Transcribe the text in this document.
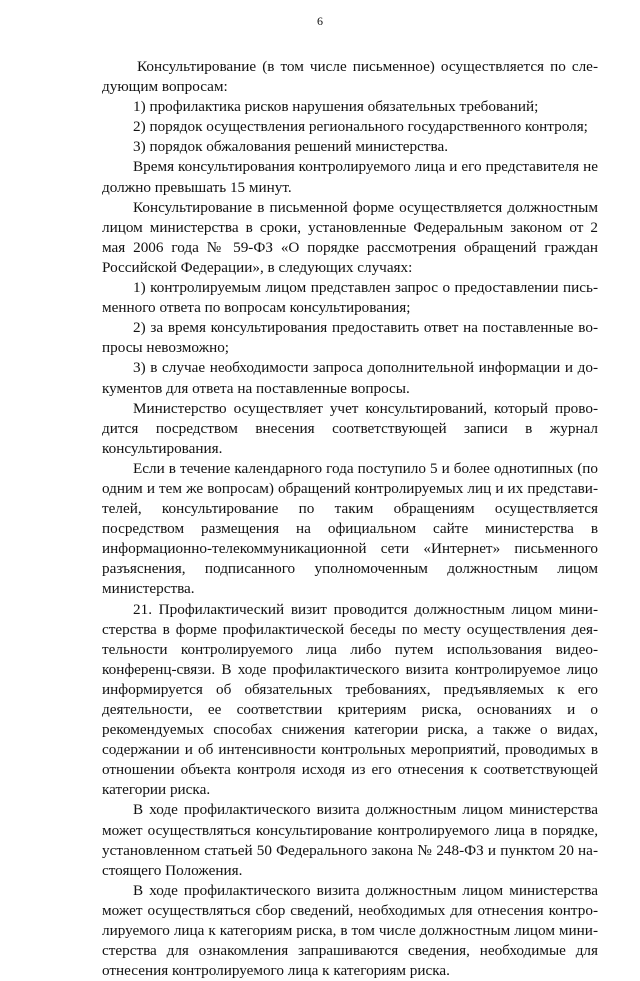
6

Консультирование (в том числе письменное) осуществляется по следующим вопросам:

1) профилактика рисков нарушения обязательных требований;

2) порядок осуществления регионального государственного контроля;

3) порядок обжалования решений министерства.

Время консультирования контролируемого лица и его представителя не должно превышать 15 минут.

Консультирование в письменной форме осуществляется должностным лицом министерства в сроки, установленные Федеральным законом от 2 мая 2006 года № 59-ФЗ «О порядке рассмотрения обращений граждан Российской Федерации», в следующих случаях:

1) контролируемым лицом представлен запрос о предоставлении письменного ответа по вопросам консультирования;

2) за время консультирования предоставить ответ на поставленные вопросы невозможно;

3) в случае необходимости запроса дополнительной информации и документов для ответа на поставленные вопросы.

Министерство осуществляет учет консультирований, который проводится посредством внесения соответствующей записи в журнал консультирования.

Если в течение календарного года поступило 5 и более однотипных (по одним и тем же вопросам) обращений контролируемых лиц и их представителей, консультирование по таким обращениям осуществляется посредством размещения на официальном сайте министерства в информационно-телекоммуникационной сети «Интернет» письменного разъяснения, подписанного уполномоченным должностным лицом министерства.

21. Профилактический визит проводится должностным лицом министерства в форме профилактической беседы по месту осуществления деятельности контролируемого лица либо путем использования видеоконференц-связи. В ходе профилактического визита контролируемое лицо информируется об обязательных требованиях, предъявляемых к его деятельности, ее соответствии критериям риска, основаниях и о рекомендуемых способах снижения категории риска, а также о видах, содержании и об интенсивности контрольных мероприятий, проводимых в отношении объекта контроля исходя из его отнесения к соответствующей категории риска.

В ходе профилактического визита должностным лицом министерства может осуществляться консультирование контролируемого лица в порядке, установленном статьей 50 Федерального закона № 248-ФЗ и пунктом 20 настоящего Положения.

В ходе профилактического визита должностным лицом министерства может осуществляться сбор сведений, необходимых для отнесения контролируемого лица к категориям риска, в том числе должностным лицом министерства для ознакомления запрашиваются сведения, необходимые для отнесения контролируемого лица к категориям риска.
